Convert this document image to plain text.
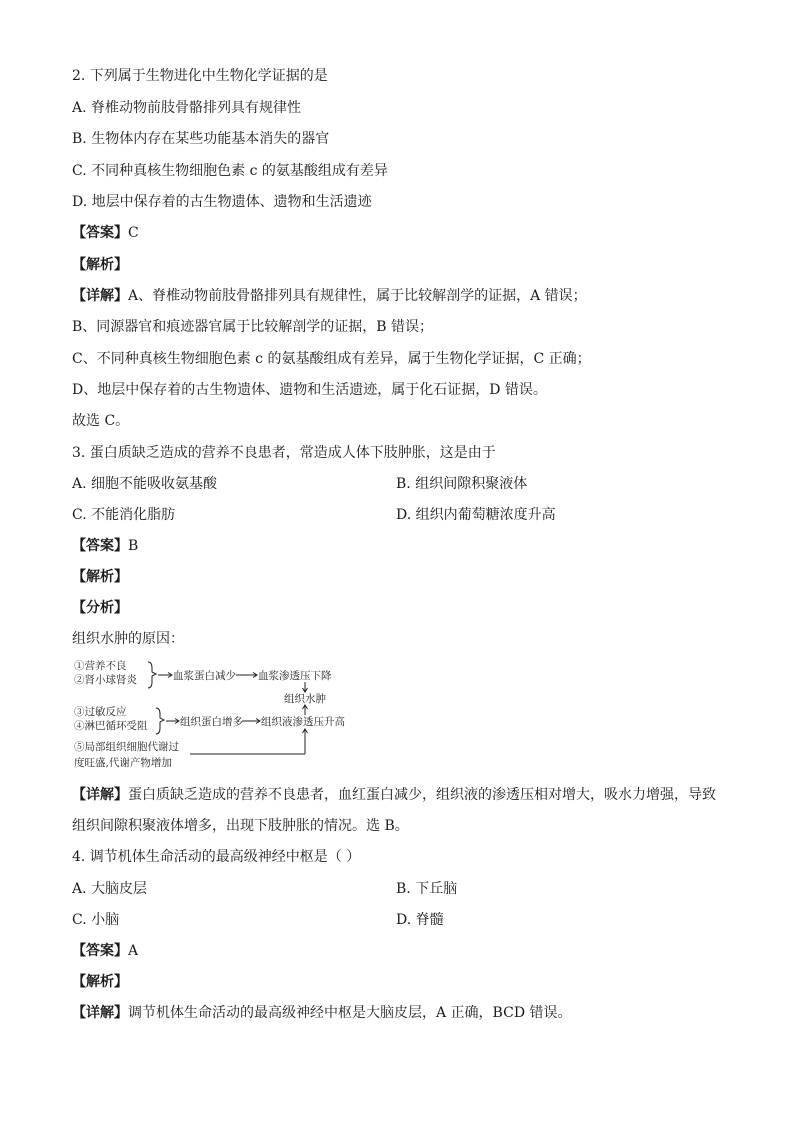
2. 下列属于生物进化中生物化学证据的是
A. 脊椎动物前肢骨骼排列具有规律性
B. 生物体内存在某些功能基本消失的器官
C. 不同种真核生物细胞色素 c 的氨基酸组成有差异
D. 地层中保存着的古生物遗体、遗物和生活遗迹
【答案】C
【解析】
【详解】A、脊椎动物前肢骨骼排列具有规律性，属于比较解剖学的证据，A 错误；
B、同源器官和痕迹器官属于比较解剖学的证据，B 错误；
C、不同种真核生物细胞色素 c 的氨基酸组成有差异，属于生物化学证据，C 正确；
D、地层中保存着的古生物遗体、遗物和生活遗迹，属于化石证据，D 错误。
故选 C。
3. 蛋白质缺乏造成的营养不良患者，常造成人体下肢肿胀，这是由于
A. 细胞不能吸收氨基酸	B. 组织间隙积聚液体
C. 不能消化脂肪	D. 组织内葡萄糖浓度升高
【答案】B
【解析】
【分析】
组织水肿的原因：
①营养不良
②肾小球肾炎	血浆蛋白减少 血浆渗透压下降
组织水肿
③过敏反应
④淋巴循环受阻	组织蛋白增多 组织液渗透压升高
⑤局部组织细胞代谢过
度旺盛,代谢产物增加
【详解】蛋白质缺乏造成的营养不良患者，血红蛋白减少，组织液的渗透压相对增大，吸水力增强，导致
组织间隙积聚液体增多，出现下肢肿胀的情况。选 B。
4. 调节机体生命活动的最高级神经中枢是（ ）
A. 大脑皮层	B. 下丘脑
C. 小脑	D. 脊髓
【答案】A
【解析】
【详解】调节机体生命活动的最高级神经中枢是大脑皮层，A 正确，BCD 错误。
